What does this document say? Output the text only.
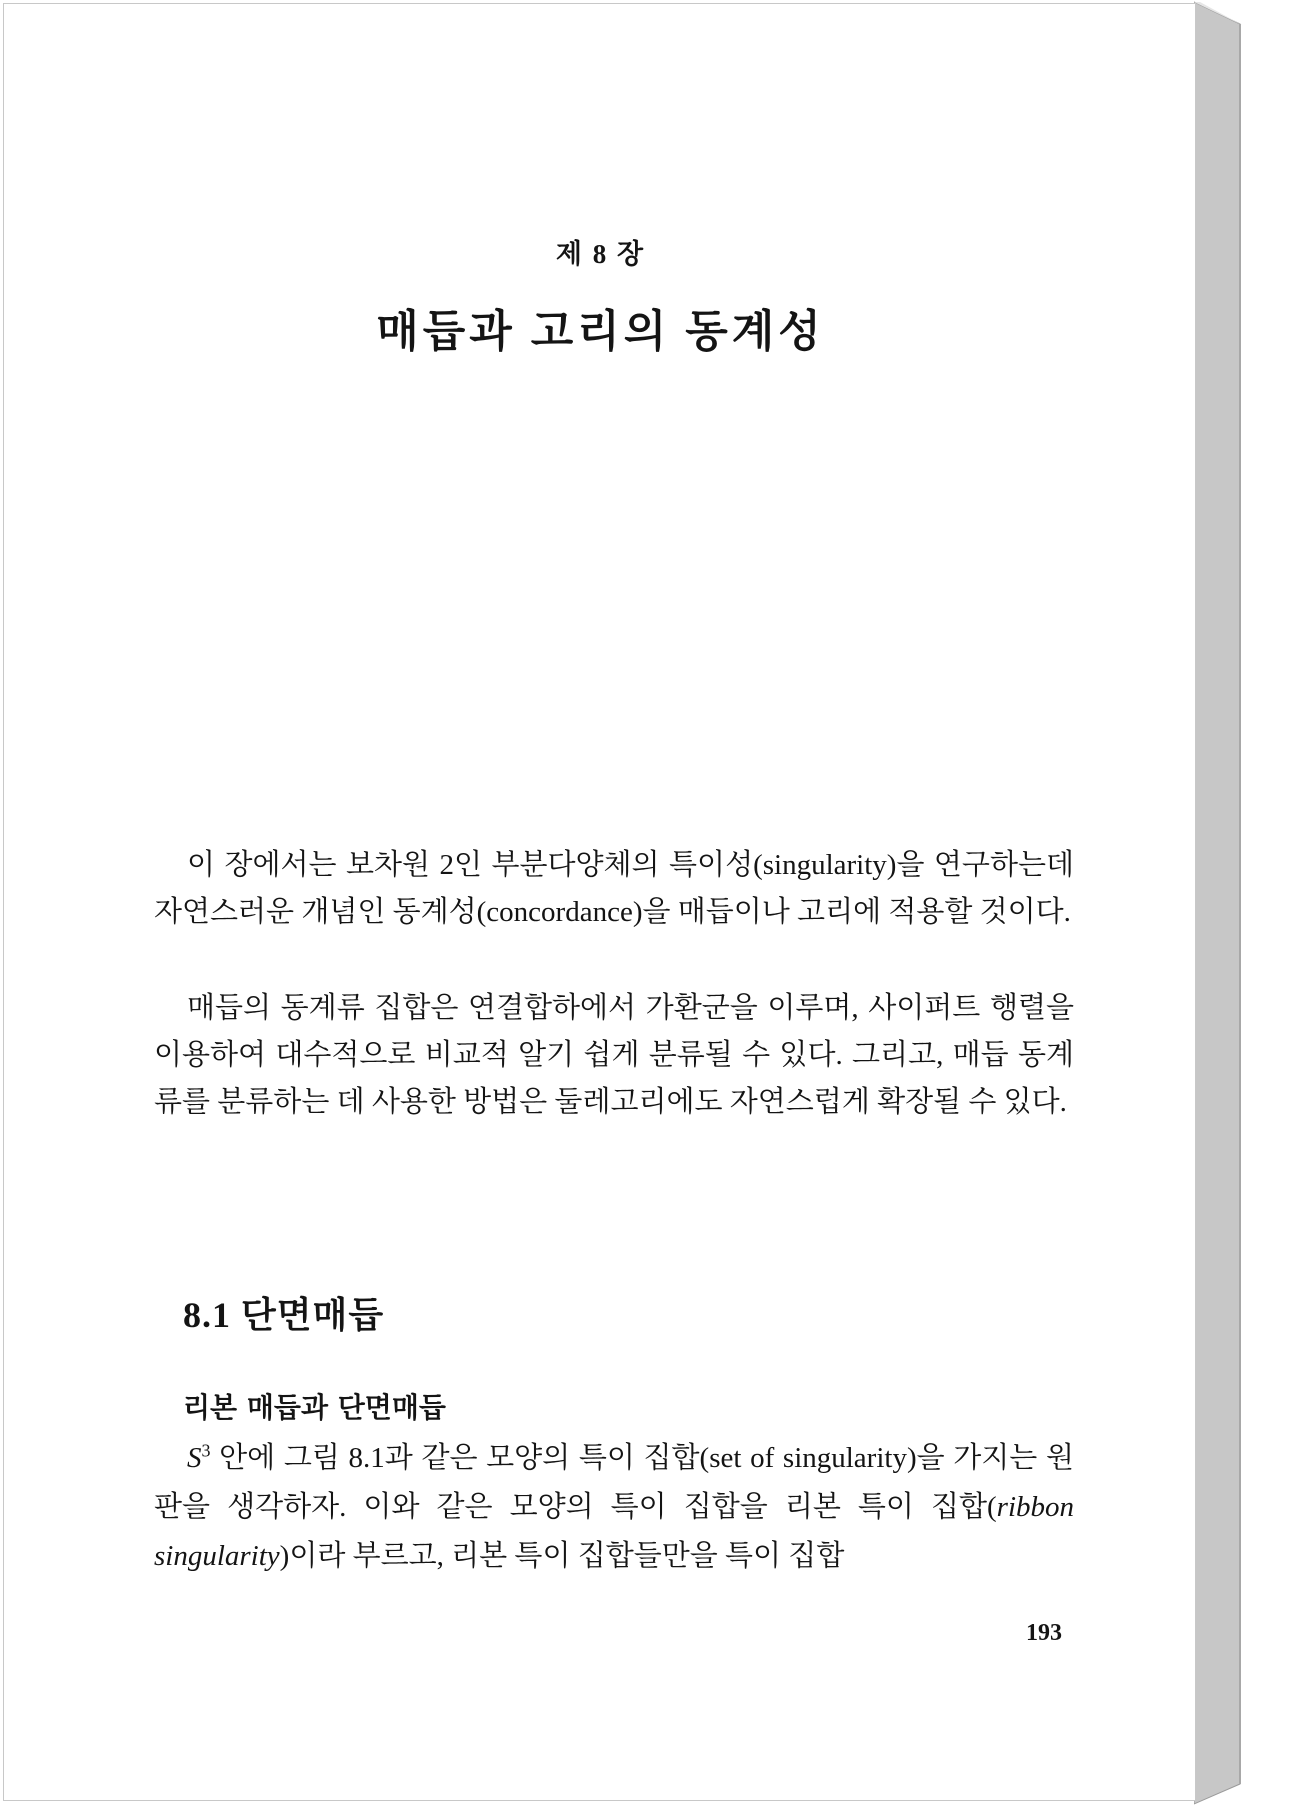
제 8 장
매듭과 고리의 동계성
이 장에서는 보차원 2인 부분다양체의 특이성(singularity)을 연구하는데 자연스러운 개념인 동계성(concordance)을 매듭이나 고리에 적용할 것이다.
매듭의 동계류 집합은 연결합하에서 가환군을 이루며, 사이퍼트 행렬을 이용하여 대수적으로 비교적 알기 쉽게 분류될 수 있다. 그리고, 매듭 동계류를 분류하는 데 사용한 방법은 둘레고리에도 자연스럽게 확장될 수 있다.
8.1 단면매듭
리본 매듭과 단면매듭
$S^3$ 안에 그림 8.1과 같은 모양의 특이 집합(set of singularity)을 가지는 원판을 생각하자. 이와 같은 모양의 특이 집합을 리본 특이 집합(ribbon singularity)이라 부르고, 리본 특이 집합들만을 특이 집합
193
